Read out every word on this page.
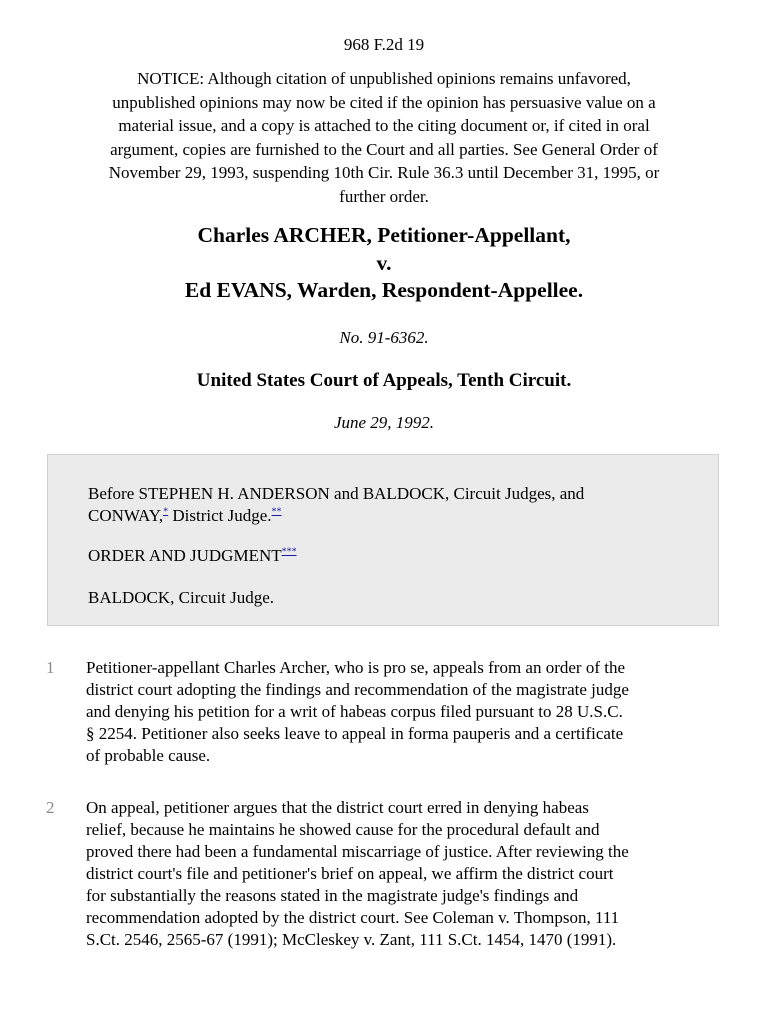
968 F.2d 19
NOTICE: Although citation of unpublished opinions remains unfavored,
unpublished opinions may now be cited if the opinion has persuasive value on a
material issue, and a copy is attached to the citing document or, if cited in oral
argument, copies are furnished to the Court and all parties. See General Order of
November 29, 1993, suspending 10th Cir. Rule 36.3 until December 31, 1995, or
further order.
Charles ARCHER, Petitioner-Appellant,
v.
Ed EVANS, Warden, Respondent-Appellee.
No. 91-6362.
United States Court of Appeals, Tenth Circuit.
June 29, 1992.
Before STEPHEN H. ANDERSON and BALDOCK, Circuit Judges, and
CONWAY,* District Judge.**
ORDER AND JUDGMENT***
BALDOCK, Circuit Judge.
1 Petitioner-appellant Charles Archer, who is pro se, appeals from an order of the
district court adopting the findings and recommendation of the magistrate judge
and denying his petition for a writ of habeas corpus filed pursuant to 28 U.S.C.
§ 2254. Petitioner also seeks leave to appeal in forma pauperis and a certificate
of probable cause.
2 On appeal, petitioner argues that the district court erred in denying habeas
relief, because he maintains he showed cause for the procedural default and
proved there had been a fundamental miscarriage of justice. After reviewing the
district court's file and petitioner's brief on appeal, we affirm the district court
for substantially the reasons stated in the magistrate judge's findings and
recommendation adopted by the district court. See Coleman v. Thompson, 111
S.Ct. 2546, 2565-67 (1991); McCleskey v. Zant, 111 S.Ct. 1454, 1470 (1991).
